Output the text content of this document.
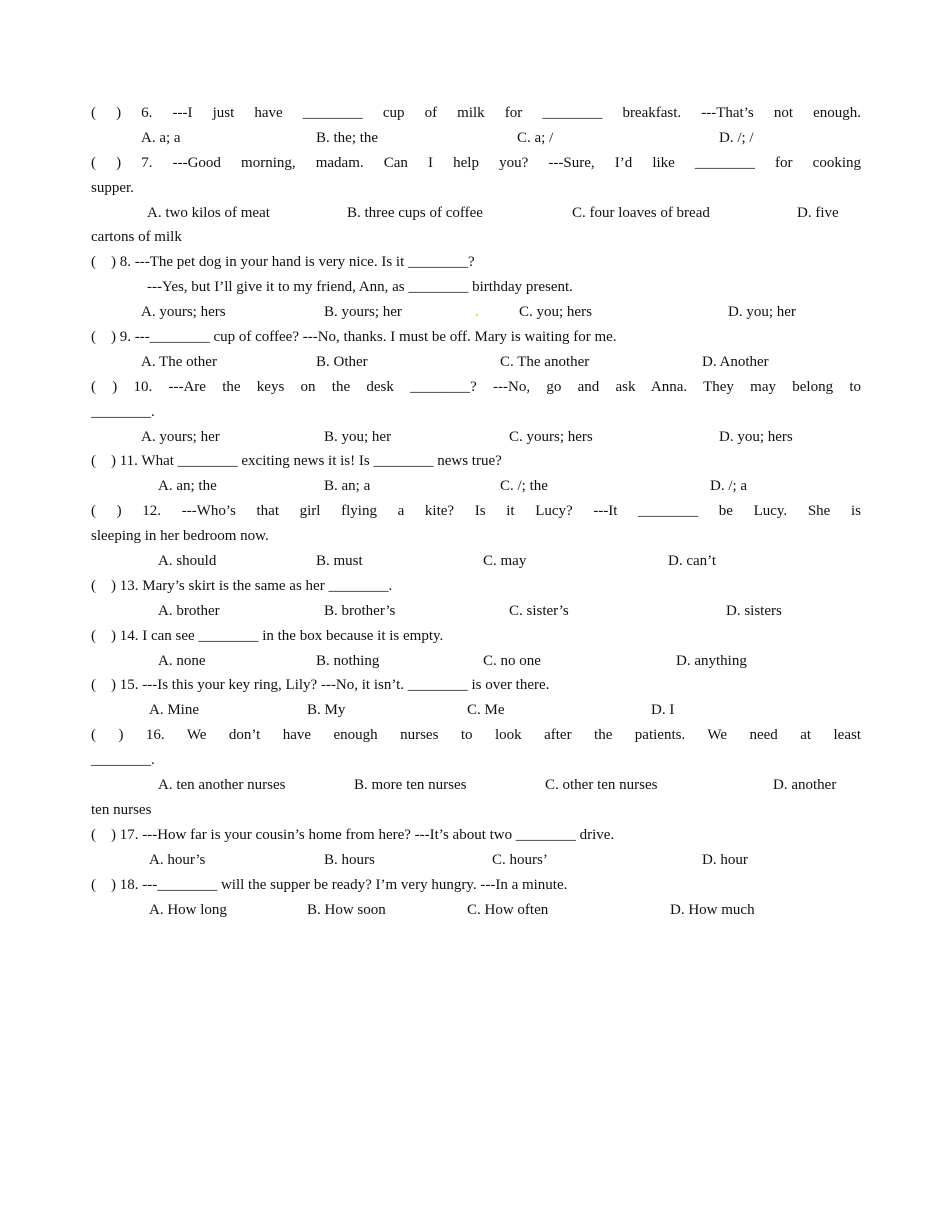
( ) 6. ---I just have ________ cup of milk for ________ breakfast. ---That’s not enough.

A. a; a

	B. the; the

	C. a; /

	D. /; /

( ) 7. ---Good morning, madam. Can I help you? ---Sure, I’d like ________ for cooking
supper.

A. two kilos of meat

	B. three cups of coffee

	C. four loaves of bread

	D. five

cartons of milk
(    ) 8. ---The pet dog in your hand is very nice. Is it ________?
---Yes, but I’ll give it to my friend, Ann, as ________ birthday present.

A. yours; hers

	B. yours; her

	.

	C. you; hers

	D. you; her

(    ) 9. ---________ cup of coffee? ---No, thanks. I must be off. Mary is waiting for me.

A. The other

	B. Other

	C. The another

	D. Another

( ) 10. ---Are the keys on the desk ________? ---No, go and ask Anna. They may belong to
________.

A. yours; her

	B. you; her

	C. yours; hers

	D. you; hers

(    ) 11. What ________ exciting news it is! Is ________ news true?

A. an; the

	B. an; a

	C. /; the

	D. /; a

( ) 12. ---Who’s that girl flying a kite? Is it Lucy? ---It ________ be Lucy. She is
sleeping in her bedroom now.

A. should

	B. must

	C. may

	D. can’t

(    ) 13. Mary’s skirt is the same as her ________.

A. brother

	B. brother’s

	C. sister’s

	D. sisters

(    ) 14. I can see ________ in the box because it is empty.

A. none

	B. nothing

	C. no one

	D. anything

(    ) 15. ---Is this your key ring, Lily? ---No, it isn’t. ________ is over there.

A. Mine

	B. My

	C. Me

	D. I

( ) 16. We don’t have enough nurses to look after the patients. We need at least
________.

A. ten another nurses

	B. more ten nurses

	C. other ten nurses

	D. another

ten nurses
(    ) 17. ---How far is your cousin’s home from here? ---It’s about two ________ drive.

A. hour’s

	B. hours

	C. hours’

	D. hour

(    ) 18. ---________ will the supper be ready? I’m very hungry. ---In a minute.

A. How long

	B. How soon

	C. How often

	D. How much
